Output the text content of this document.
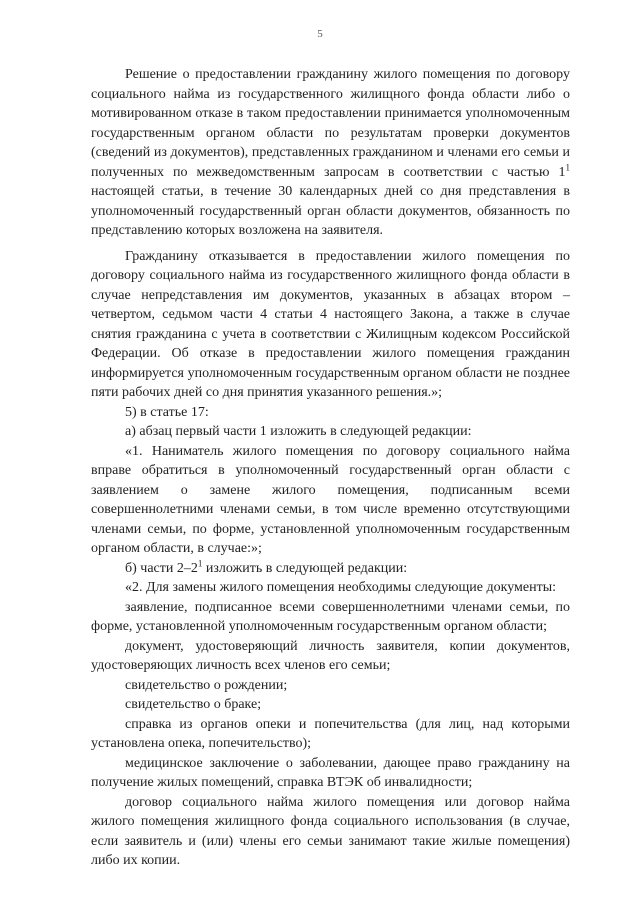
5

Решение о предоставлении гражданину жилого помещения по договору социального найма из государственного жилищного фонда области либо о мотивированном отказе в таком предоставлении принимается уполномоченным государственным органом области по результатам проверки документов (сведений из документов), представленных гражданином и членами его семьи и полученных по межведомственным запросам в соответствии с частью $1^1$ настоящей статьи, в течение 30 календарных дней со дня представления в уполномоченный государственный орган области документов, обязанность по представлению которых возложена на заявителя.

Гражданину отказывается в предоставлении жилого помещения по договору социального найма из государственного жилищного фонда области в случае непредставления им документов, указанных в абзацах втором – четвертом, седьмом части 4 статьи 4 настоящего Закона, а также в случае снятия гражданина с учета в соответствии с Жилищным кодексом Российской Федерации. Об отказе в предоставлении жилого помещения гражданин информируется уполномоченным государственным органом области не позднее пяти рабочих дней со дня принятия указанного решения.»;

5) в статье 17:

а) абзац первый части 1 изложить в следующей редакции:

«1. Наниматель жилого помещения по договору социального найма вправе обратиться в уполномоченный государственный орган области с заявлением о замене жилого помещения, подписанным всеми совершеннолетними членами семьи, в том числе временно отсутствующими членами семьи, по форме, установленной уполномоченным государственным органом области, в случае:»;

б) части $2-2^1$ изложить в следующей редакции:

«2. Для замены жилого помещения необходимы следующие документы:

заявление, подписанное всеми совершеннолетними членами семьи, по форме, установленной уполномоченным государственным органом области;

документ, удостоверяющий личность заявителя, копии документов, удостоверяющих личность всех членов его семьи;

свидетельство о рождении;

свидетельство о браке;

справка из органов опеки и попечительства (для лиц, над которыми установлена опека, попечительство);

медицинское заключение о заболевании, дающее право гражданину на получение жилых помещений, справка ВТЭК об инвалидности;

договор социального найма жилого помещения или договор найма жилого помещения жилищного фонда социального использования (в случае, если заявитель и (или) члены его семьи занимают такие жилые помещения) либо их копии.
